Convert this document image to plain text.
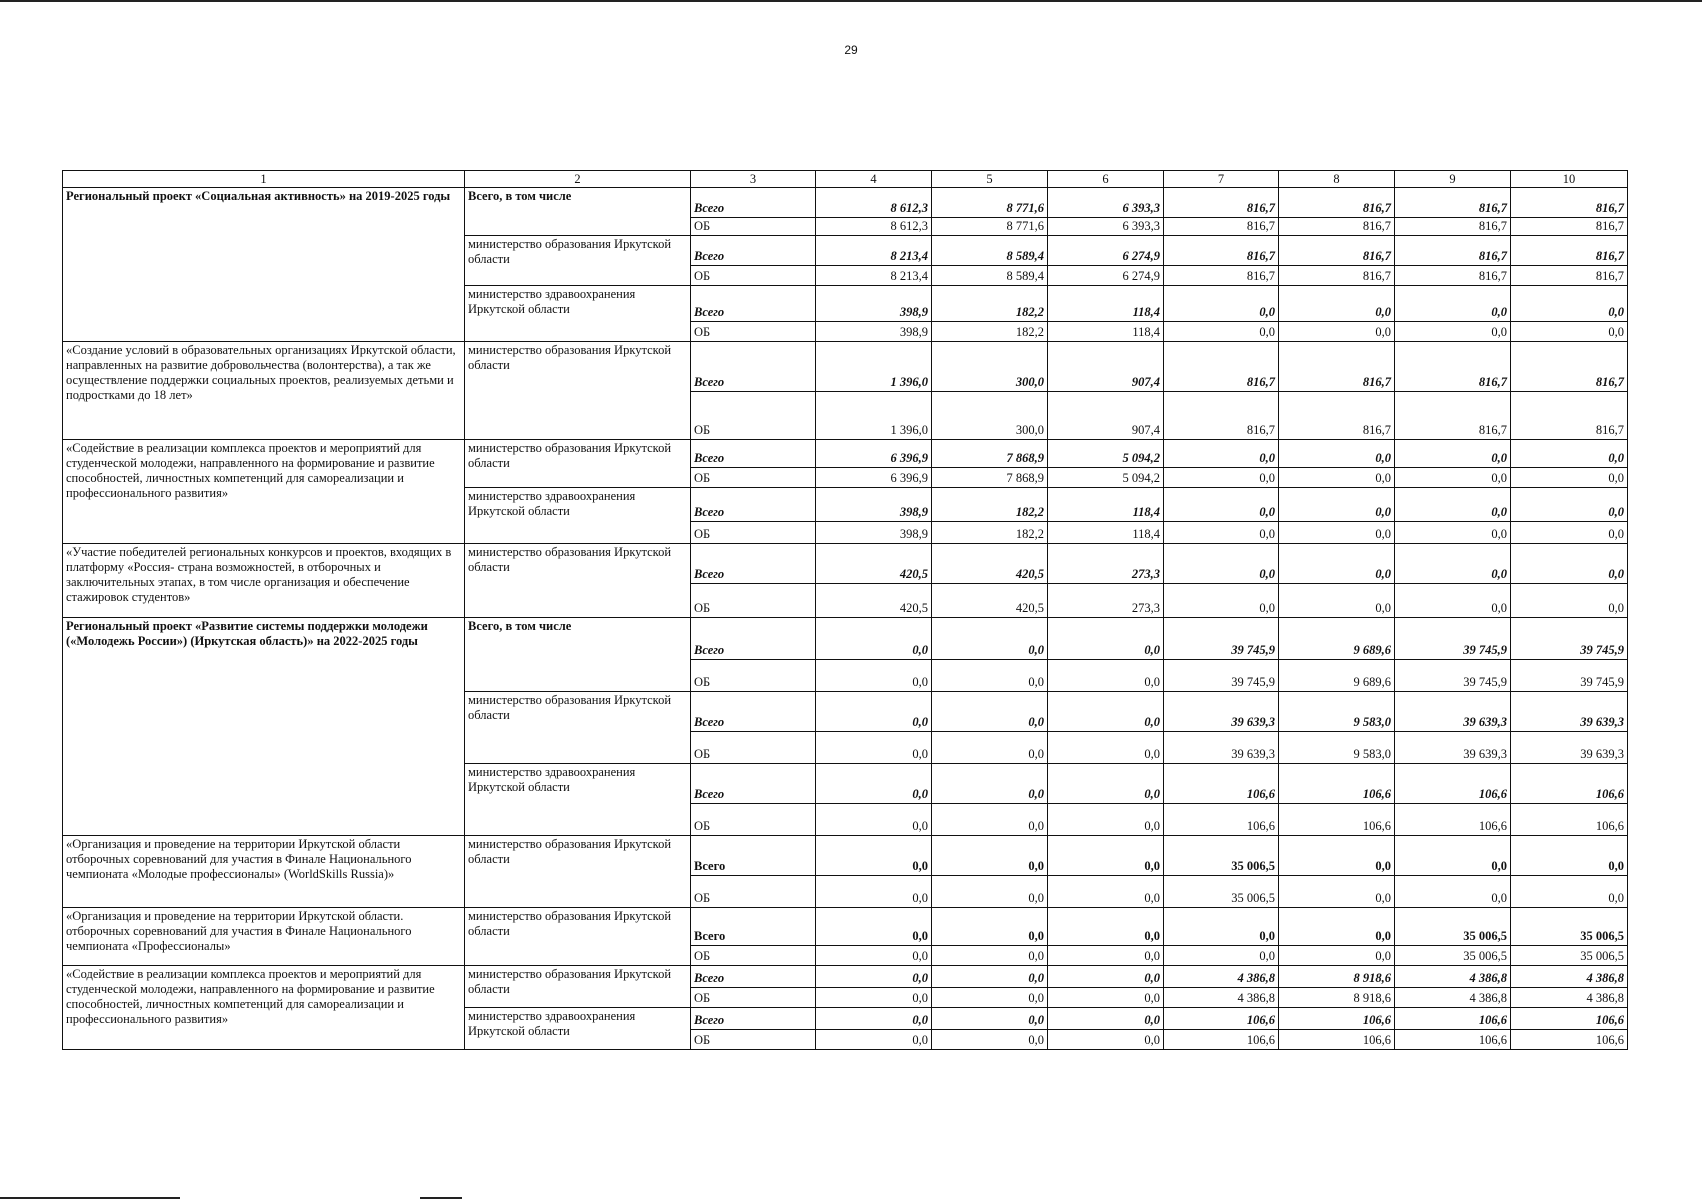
29
1	2	3	4	5	6	7	8	9	10
Региональный проект «Социальная активность» на 2019-2025 годы	Всего, в том числе	Всего	8 612,3	8 771,6	6 393,3	816,7	816,7	816,7	816,7
		ОБ	8 612,3	8 771,6	6 393,3	816,7	816,7	816,7	816,7
	министерство образования Иркутской области	Всего	8 213,4	8 589,4	6 274,9	816,7	816,7	816,7	816,7
		ОБ	8 213,4	8 589,4	6 274,9	816,7	816,7	816,7	816,7
	министерство здравоохранения Иркутской области	Всего	398,9	182,2	118,4	0,0	0,0	0,0	0,0
		ОБ	398,9	182,2	118,4	0,0	0,0	0,0	0,0
«Создание условий в образовательных организациях Иркутской области, направленных на развитие добровольчества (волонтерства), а так же осуществление поддержки социальных проектов, реализуемых детьми и подростками до 18 лет»	министерство образования Иркутской области	Всего	1 396,0	300,0	907,4	816,7	816,7	816,7	816,7
		ОБ	1 396,0	300,0	907,4	816,7	816,7	816,7	816,7
«Содействие в реализации комплекса проектов и мероприятий для студенческой молодежи, направленного на формирование и развитие способностей, личностных компетенций для самореализации и профессионального развития»	министерство образования Иркутской области	Всего	6 396,9	7 868,9	5 094,2	0,0	0,0	0,0	0,0
		ОБ	6 396,9	7 868,9	5 094,2	0,0	0,0	0,0	0,0
	министерство здравоохранения Иркутской области	Всего	398,9	182,2	118,4	0,0	0,0	0,0	0,0
		ОБ	398,9	182,2	118,4	0,0	0,0	0,0	0,0
«Участие победителей региональных конкурсов и проектов, входящих в платформу «Россия- страна возможностей, в отборочных и заключительных этапах, в том числе организация и обеспечение стажировок студентов»	министерство образования Иркутской области	Всего	420,5	420,5	273,3	0,0	0,0	0,0	0,0
		ОБ	420,5	420,5	273,3	0,0	0,0	0,0	0,0
Региональный проект «Развитие системы поддержки молодежи («Молодежь России») (Иркутская область)» на 2022-2025 годы	Всего, в том числе	Всего	0,0	0,0	0,0	39 745,9	9 689,6	39 745,9	39 745,9
		ОБ	0,0	0,0	0,0	39 745,9	9 689,6	39 745,9	39 745,9
	министерство образования Иркутской области	Всего	0,0	0,0	0,0	39 639,3	9 583,0	39 639,3	39 639,3
		ОБ	0,0	0,0	0,0	39 639,3	9 583,0	39 639,3	39 639,3
	министерство здравоохранения Иркутской области	Всего	0,0	0,0	0,0	106,6	106,6	106,6	106,6
		ОБ	0,0	0,0	0,0	106,6	106,6	106,6	106,6
«Организация и проведение на территории Иркутской области отборочных соревнований для участия в Финале Национального чемпионата «Молодые профессионалы» (WorldSkills Russia)»	министерство образования Иркутской области	Всего	0,0	0,0	0,0	35 006,5	0,0	0,0	0,0
		ОБ	0,0	0,0	0,0	35 006,5	0,0	0,0	0,0
«Организация и проведение на территории Иркутской области. отборочных соревнований для участия в Финале Национального чемпионата «Профессионалы»	министерство образования Иркутской области	Всего	0,0	0,0	0,0	0,0	0,0	35 006,5	35 006,5
		ОБ	0,0	0,0	0,0	0,0	0,0	35 006,5	35 006,5
«Содействие в реализации комплекса проектов и мероприятий для студенческой молодежи, направленного на формирование и развитие способностей, личностных компетенций для самореализации и профессионального развития»	министерство образования Иркутской области	Всего	0,0	0,0	0,0	4 386,8	8 918,6	4 386,8	4 386,8
		ОБ	0,0	0,0	0,0	4 386,8	8 918,6	4 386,8	4 386,8
	министерство здравоохранения Иркутской области	Всего	0,0	0,0	0,0	106,6	106,6	106,6	106,6
		ОБ	0,0	0,0	0,0	106,6	106,6	106,6	106,6
